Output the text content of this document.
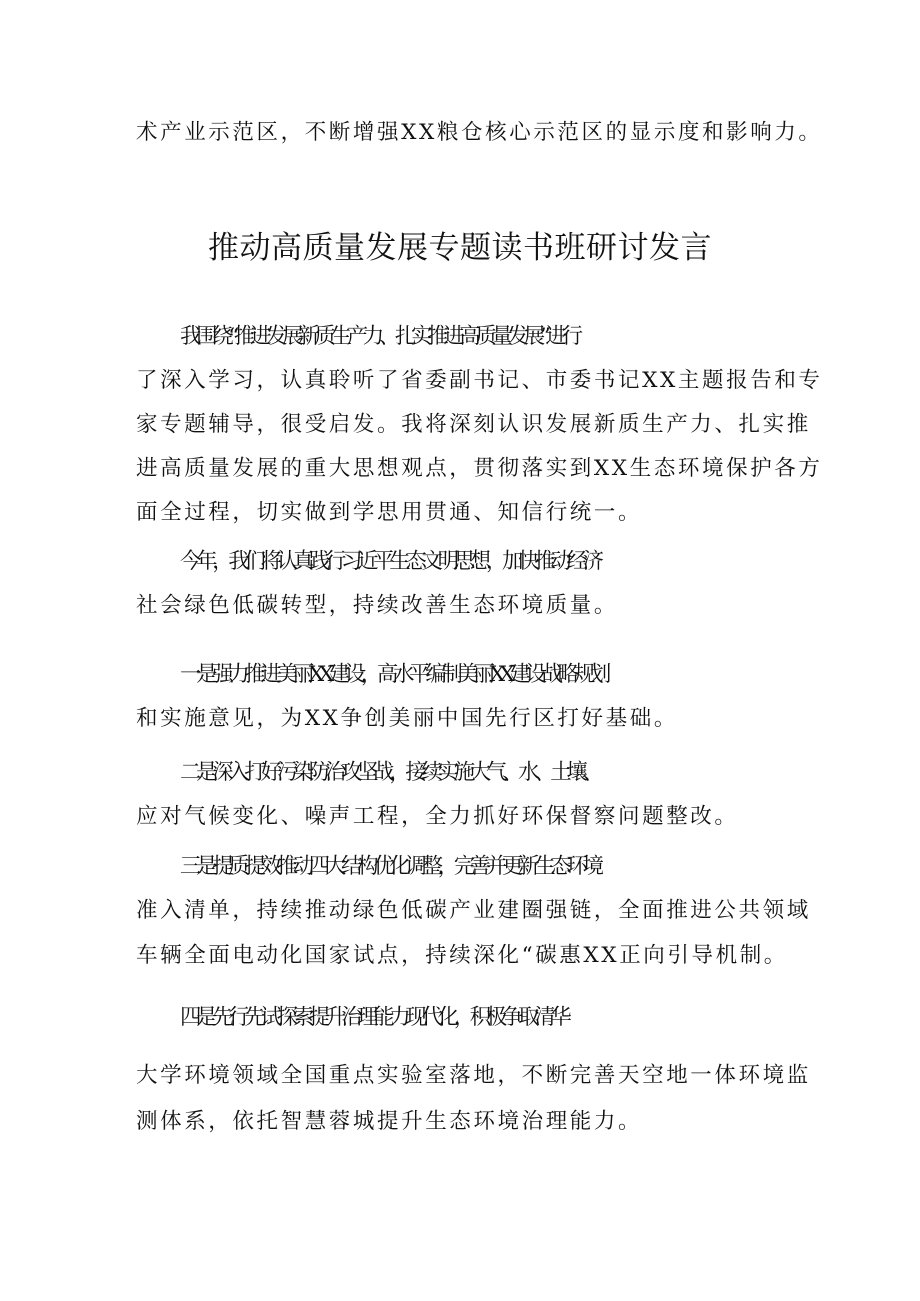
术产业示范区，不断增强XX粮仓核心示范区的显示度和影响力。
推动高质量发展专题读书班研讨发言
我围绕“推进发展新质生产力、扎实推进高质量发展”进行
了深入学习，认真聆听了省委副书记、市委书记XX主题报告和专
家专题辅导，很受启发。我将深刻认识发展新质生产力、扎实推
进高质量发展的重大思想观点，贯彻落实到XX生态环境保护各方
面全过程，切实做到学思用贯通、知信行统一。
今年，我们将认真践行习近平生态文明思想，加快推动经济
社会绿色低碳转型，持续改善生态环境质量。
一是强力推进美丽XX建设，高水平编制美丽XX建设战略规划
和实施意见，为XX争创美丽中国先行区打好基础。
二是深入打好污染防治攻坚战，接续实施大气、水、土壤、
应对气候变化、噪声工程，全力抓好环保督察问题整改。
三是提质提效推动四大结构优化调整，完善并更新生态环境
准入清单，持续推动绿色低碳产业建圈强链，全面推进公共领域
车辆全面电动化国家试点，持续深化“碳惠XX正向引导机制。
四是先行先试探索提升治理能力现代化，积极争取清华
大学环境领域全国重点实验室落地，不断完善天空地一体环境监
测体系，依托智慧蓉城提升生态环境治理能力。
